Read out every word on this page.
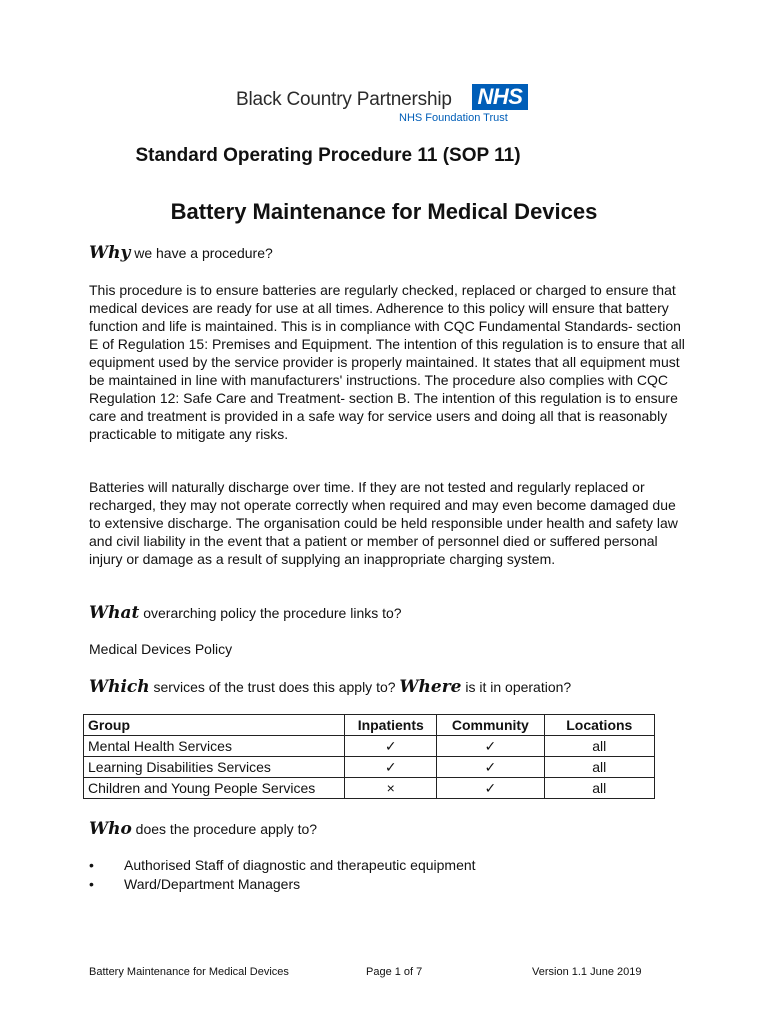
Black Country Partnership NHS
NHS Foundation Trust
Standard Operating Procedure 11 (SOP 11)
Battery Maintenance for Medical Devices
Why we have a procedure?
This procedure is to ensure batteries are regularly checked, replaced or charged to ensure that medical devices are ready for use at all times. Adherence to this policy will ensure that battery function and life is maintained. This is in compliance with CQC Fundamental Standards- section E of Regulation 15: Premises and Equipment. The intention of this regulation is to ensure that all equipment used by the service provider is properly maintained. It states that all equipment must be maintained in line with manufacturers' instructions. The procedure also complies with CQC Regulation 12: Safe Care and Treatment- section B. The intention of this regulation is to ensure care and treatment is provided in a safe way for service users and doing all that is reasonably practicable to mitigate any risks.
Batteries will naturally discharge over time. If they are not tested and regularly replaced or recharged, they may not operate correctly when required and may even become damaged due to extensive discharge. The organisation could be held responsible under health and safety law and civil liability in the event that a patient or member of personnel died or suffered personal injury or damage as a result of supplying an inappropriate charging system.
What overarching policy the procedure links to?
Medical Devices Policy
Which services of the trust does this apply to? Where is it in operation?
Group	Inpatients	Community	Locations
Mental Health Services	✓	✓	all
Learning Disabilities Services	✓	✓	all
Children and Young People Services	×	✓	all
Who does the procedure apply to?
• Authorised Staff of diagnostic and therapeutic equipment
• Ward/Department Managers
Battery Maintenance for Medical Devices	Page 1 of 7	Version 1.1 June 2019
